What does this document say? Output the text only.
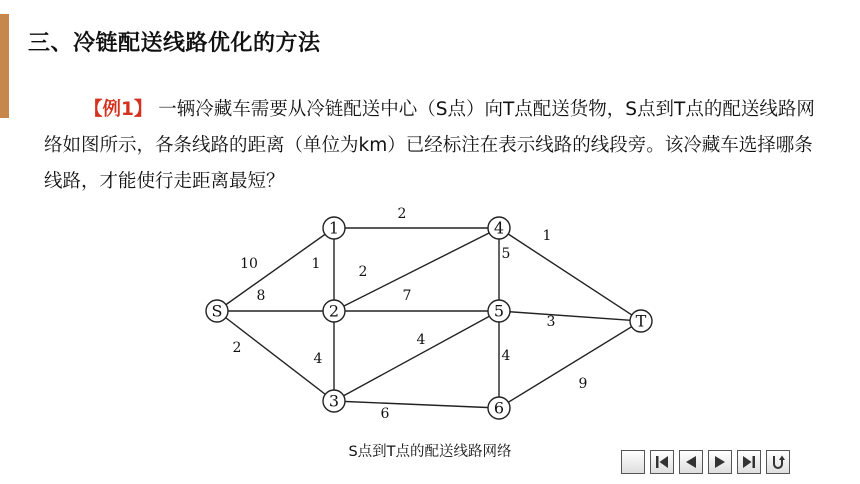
三、冷链配送线路优化的方法
【例1】 一辆冷藏车需要从冷链配送中心（S点）向T点配送货物，S点到T点的配送线路网络如图所示，各条线路的距离（单位为km）已经标注在表示线路的线段旁。该冷藏车选择哪条线路，才能使行走距离最短？
10
8
2
1
2
2
7
4
4
6
5
1
3
4
9
S
1
2
3
4
5
6
T
S点到T点的配送线路网络
